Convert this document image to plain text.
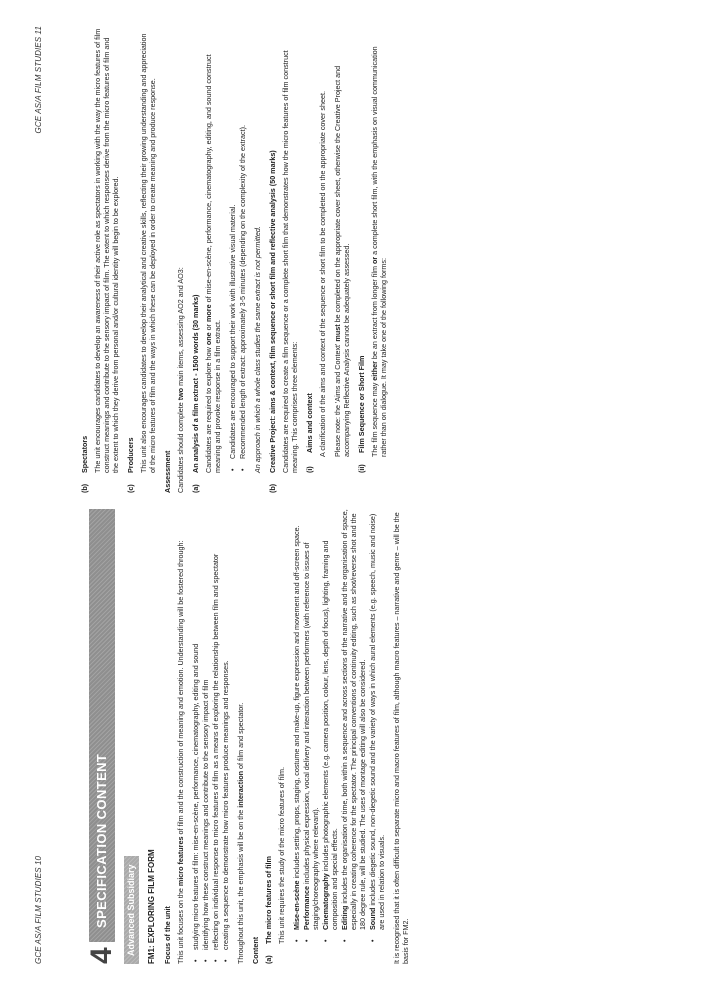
GCE AS/A FILM STUDIES 10 4
SPECIFICATION CONTENT	Advanced Subsidiary FM1: EXPLORING FILM FORM Focus of the unit This unit focuses on the micro features of film and the construction of meaning and emotion. Understanding will be fostered through: • studying micro features of film: mise-en-scène, performance, cinematography, editing and sound • identifying how these construct meanings and contribute to the sensory impact of film • reflecting on individual response to micro features of film as a means of exploring the relationship between film and spectator • creating a sequence to demonstrate how micro features produce meanings and responses. Throughout this unit, the emphasis will be on the interaction of film and spectator.

Content (a)
The micro features of film This unit requires the study of the micro features of film. • Mise-en-scène includes setting, props, staging, costume and make-up, figure expression and movement and off-screen space.
• Performance includes physical expression, vocal delivery and interaction between performers (with reference to issues of staging/choreography where relevant). • Cinematography includes photographic elements (e.g. camera position, colour, lens, depth of focus), lighting, framing and composition and special effects. • Editing includes the organisation of time, both within a sequence and across sections of the narrative and the organisation of space, especially in creating coherence for the spectator. The principal conventions of continuity editing, such as shot/reverse shot and the 180 degree rule, will be studied. The uses of montage editing will also be considered. • Sound includes diegetic sound, non-diegetic sound and the variety of ways in which aural elements (e.g. speech, music and noise) are used in relation to visuals. It is recognised that it is often difficult to separate micro and macro features of film, although macro features – narrative and genre – will be the basis for FM2.

GCE AS/A FILM STUDIES 11
(b)
Spectators The unit encourages candidates to develop an awareness of their active role as spectators in working with the way the micro features of film construct meanings and contribute to the sensory impact of film. The extent to which responses derive from the micro features of film and the extent to which they derive from personal and/or cultural identity will begin to be explored.

(c)
Producers This unit also encourages candidates to develop their analytical and creative skills, reflecting their growing understanding and appreciation of the micro features of film and the ways in which these can be deployed in order to create meaning and produce response. Assessment Candidates should complete two main items, assessing AO2 and AO3:

(a)
An analysis of a film extract - 1500 words (30 marks) Candidates are required to explore how one or more of mise-en-scène, performance, cinematography, editing, and sound construct meaning and provoke response in a film extract. • Candidates are encouraged to support their work with illustrative visual material. • Recommended length of extract: approximately 3-5 minutes (depending on the complexity of the extract). An approach in which a whole class studies the same extract is not permitted.

(b)
Creative Project: aims & context, film sequence or short film and reflective analysis (50 marks) Candidates are required to create a film sequence or a complete short film that demonstrates how the micro features of film construct meaning. This comprises three elements: (i)
Aims and context A clarification of the aims and context of the sequence or short film to be completed on the appropriate cover sheet. Please note: the 'Aims and Context' must be completed on the appropriate cover sheet, otherwise the Creative Project and accompanying Reflective Analysis cannot be adequately assessed.

(ii)
Film Sequence or Short Film The film sequence may either be an extract from longer film or a complete short film, with the emphasis on visual communication rather than on dialogue. It may take one of the following forms:
